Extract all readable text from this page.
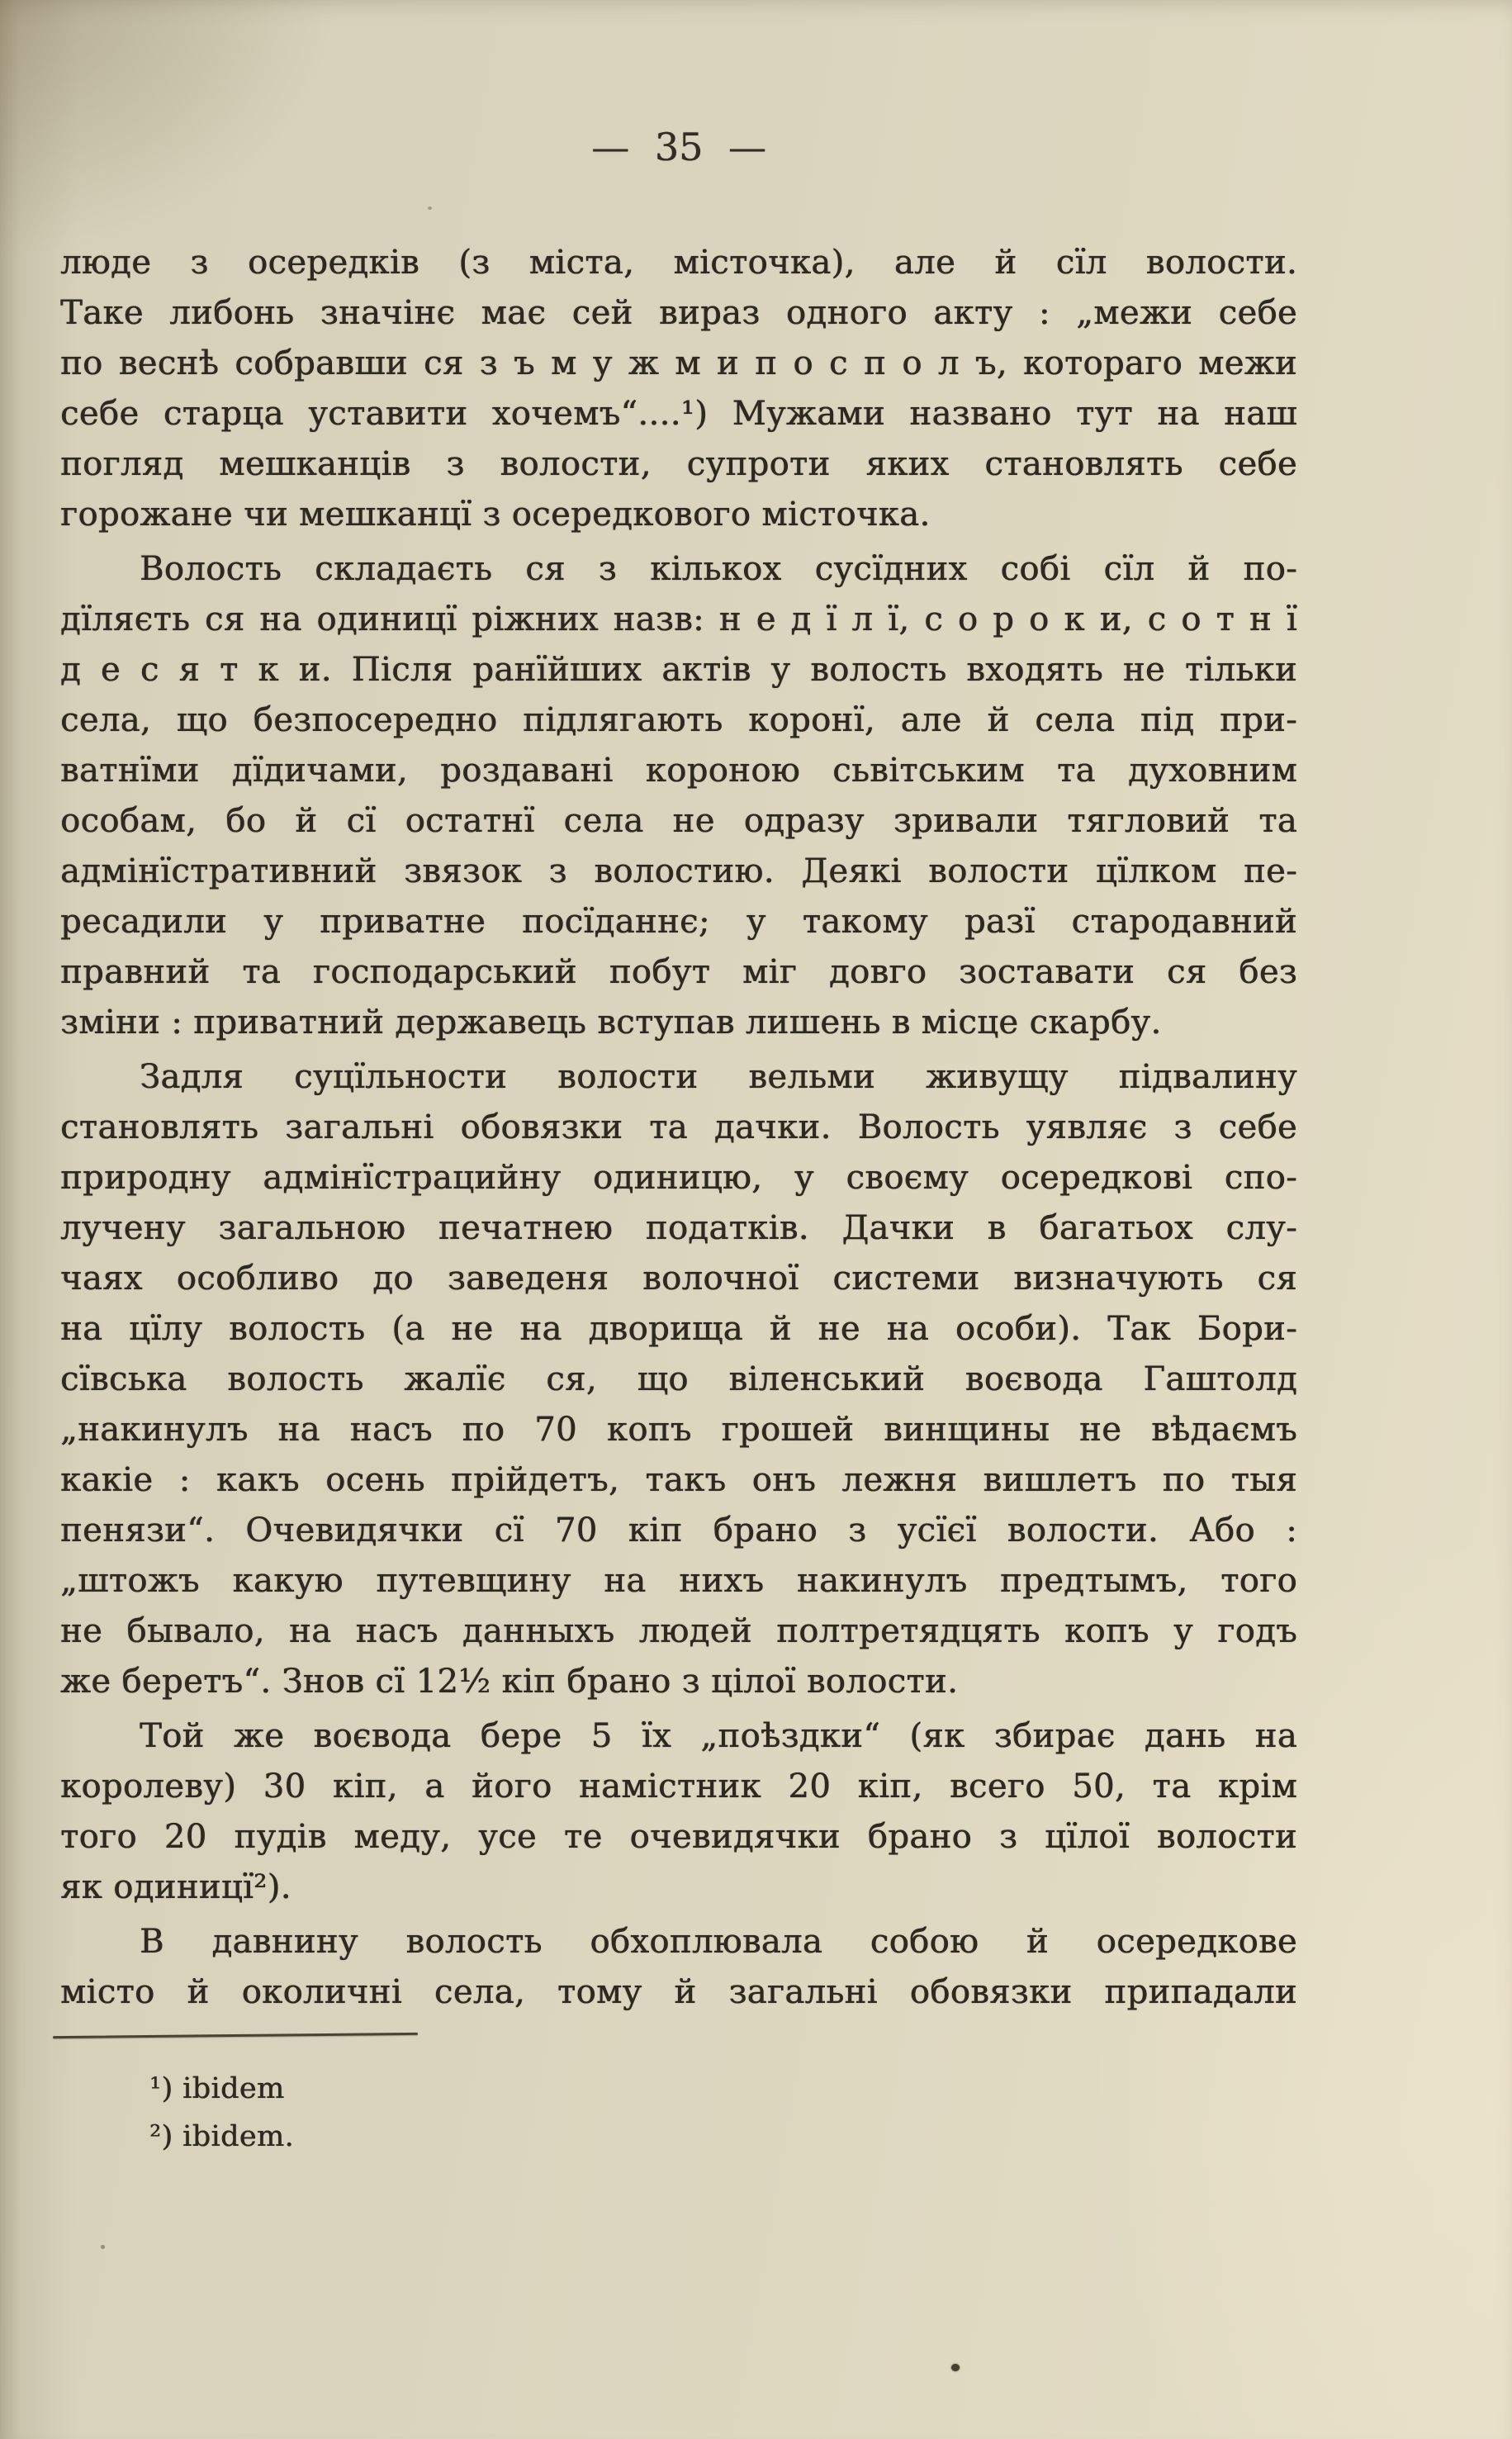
— 35 —
люде з осередків (з міста, місточка), але й сїл волости.
Таке либонь значінє має сей вираз одного акту : „межи себе
по веснѣ собравши ся з ъ м у ж м и п о с п о л ъ, котораго межи
себе старца уставити хочемъ“....¹) Мужами названо тут на наш
погляд мешканців з волости, супроти яких становлять себе
горожане чи мешканцї з осередкового місточка.
Волость складаєть ся з кількох сусїдних собі сїл й по-
дїляєть ся на одиницї ріжних назв: н е д ї л ї, с о р о к и, с о т н ї
д е с я т к и. Після ранїйших актів у волость входять не тільки
села, що безпосередно підлягають коронї, але й села під при-
ватнїми дїдичами, роздавані короною сьвітським та духовним
особам, бо й сї остатнї села не одразу зривали тягловий та
адмінїстративний звязок з волостию. Деякі волости цїлком пе-
ресадили у приватне посїданнє; у такому разї стародавний
правний та господарський побут міг довго зоставати ся без
зміни : приватний державець вступав лишень в місце скарбу.
Задля суцїльности волости вельми живущу підвалину
становлять загальні обовязки та дачки. Волость уявляє з себе
природну адмінїстрацийну одиницю, у своєму осередкові спо-
лучену загальною печатнею податків. Дачки в багатьох слу-
чаях особливо до заведеня волочної системи визначують ся
на цїлу волость (а не на дворища й не на особи). Так Бори-
сївська волость жалїє ся, що віленський воєвода Гаштолд
„накинулъ на насъ по 70 копъ грошей винщины не вѣдаємъ
какіе : какъ осень прійдетъ, такъ онъ лежня вишлетъ по тыя
пенязи“. Очевидячки сї 70 кіп брано з усїєї волости. Або :
„штожъ какую путевщину на нихъ накинулъ предтымъ, того
не бывало, на насъ данныхъ людей полтретядцять копъ у годъ
же беретъ“. Знов сї 12½ кіп брано з цілої волости.
Той же воєвода бере 5 їх „поѣздки“ (як збирає дань на
королеву) 30 кіп, а його намістник 20 кіп, всего 50, та крім
того 20 пудів меду, усе те очевидячки брано з цїлої волости
як одиницї²).
В давнину волость обхоплювала собою й осередкове
місто й околичні села, тому й загальні обовязки припадали
¹) ibidem
²) ibidem.
